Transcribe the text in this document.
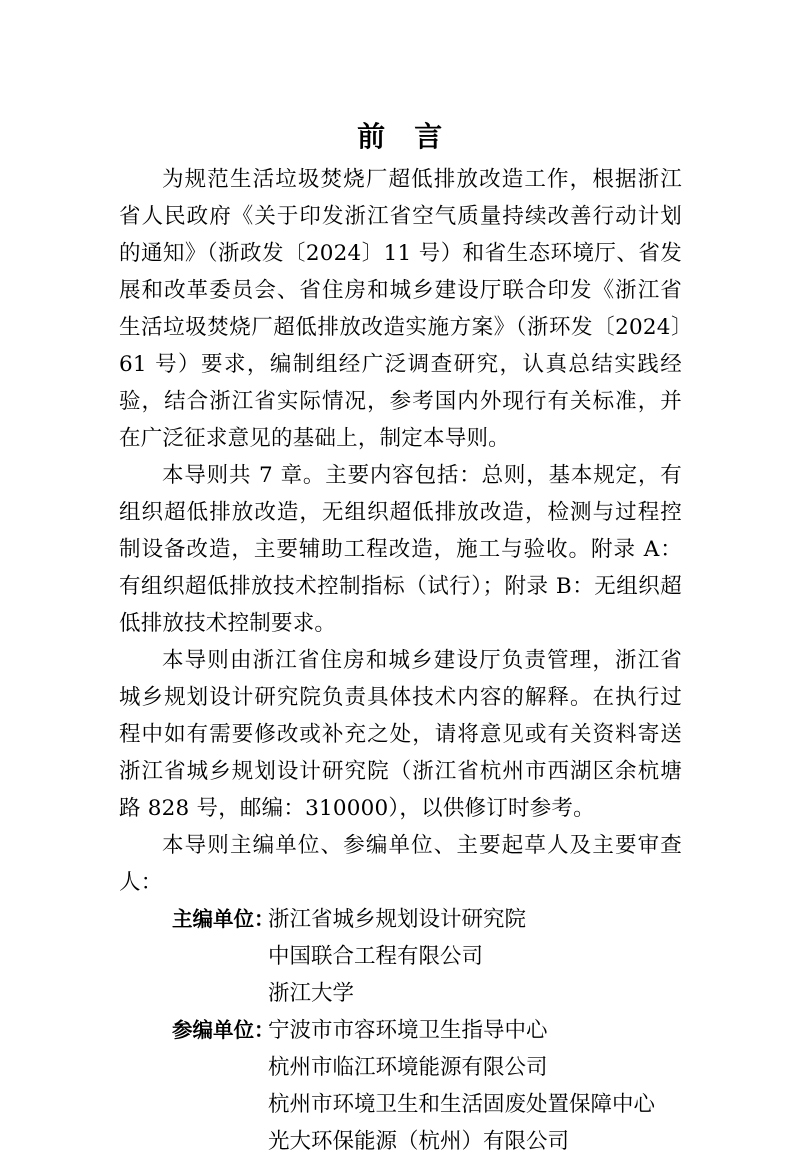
前　言

为规范生活垃圾焚烧厂超低排放改造工作，根据浙江省人民政府《关于印发浙江省空气质量持续改善行动计划的通知》（浙政发〔2024〕11 号）和省生态环境厅、省发展和改革委员会、省住房和城乡建设厅联合印发《浙江省生活垃圾焚烧厂超低排放改造实施方案》（浙环发〔2024〕61 号）要求，编制组经广泛调查研究，认真总结实践经验，结合浙江省实际情况，参考国内外现行有关标准，并在广泛征求意见的基础上，制定本导则。

本导则共 7 章。主要内容包括：总则，基本规定，有组织超低排放改造，无组织超低排放改造，检测与过程控制设备改造，主要辅助工程改造，施工与验收。附录 A：有组织超低排放技术控制指标（试行）；附录 B：无组织超低排放技术控制要求。

本导则由浙江省住房和城乡建设厅负责管理，浙江省城乡规划设计研究院负责具体技术内容的解释。在执行过程中如有需要修改或补充之处，请将意见或有关资料寄送浙江省城乡规划设计研究院（浙江省杭州市西湖区余杭塘路 828 号，邮编：310000），以供修订时参考。

本导则主编单位、参编单位、主要起草人及主要审查人：

主编单位：
浙江省城乡规划设计研究院
中国联合工程有限公司
浙江大学
参编单位：
宁波市市容环境卫生指导中心
杭州市临江环境能源有限公司
杭州市环境卫生和生活固废处置保障中心
光大环保能源（杭州）有限公司
